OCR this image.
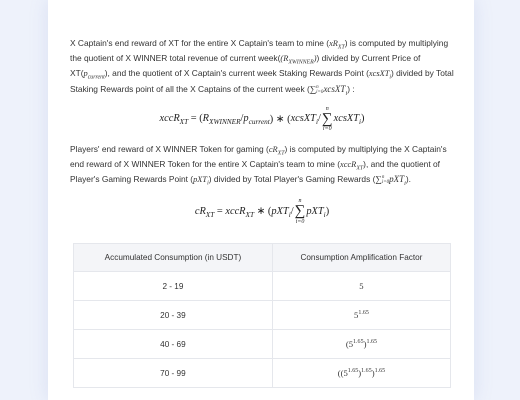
X Captain's end reward of XT for the entire X Captain's team to mine $(xR_{XT})$ is computed by multiplying the quotient of X WINNER total revenue of current $week((R_{XWINNER}))$ divided by Current Price of $XT(p_{current})$, and the quotient of X Captain's current week Staking Rewards Point (xcsXT$_i$) divided by Total Staking Rewards point of all the X Captains of the current week (∑ n
i=0 xcsXT$_i$) :

xccR$_{XT}$ = ( $R_{XWINNER} / p_{current}$ ) ∗ ( xcsXT$_i$ /
n
∑
i=0
xcsXT$_i$ )

Players' end reward of X WINNER Token for gaming $(cR_{XT})$ is computed by multiplying the X Captain's end reward of X WINNER Token for the entire X Captain's team to mine (xccR$_{XT}$), and the quotient of Player's Gaming Rewards Point (pXT$_i$) divided by Total Player's Gaming Rewards (∑ n
i=0 pXT$_i$).

$cR_{XT}$ = xccR$_{XT}$ ∗ ( pXT$_i$ /
n
∑
i=0
pXT$_i$ )
Accumulated Consumption (in USDT)	Consumption Amplification Factor
2 - 19	5
20 - 39	$5^{1.65}$
40 - 69	$(5^{1.65})^{1.65}$
70 - 99	$((5^{1.65})^{1.65})^{1.65}$
